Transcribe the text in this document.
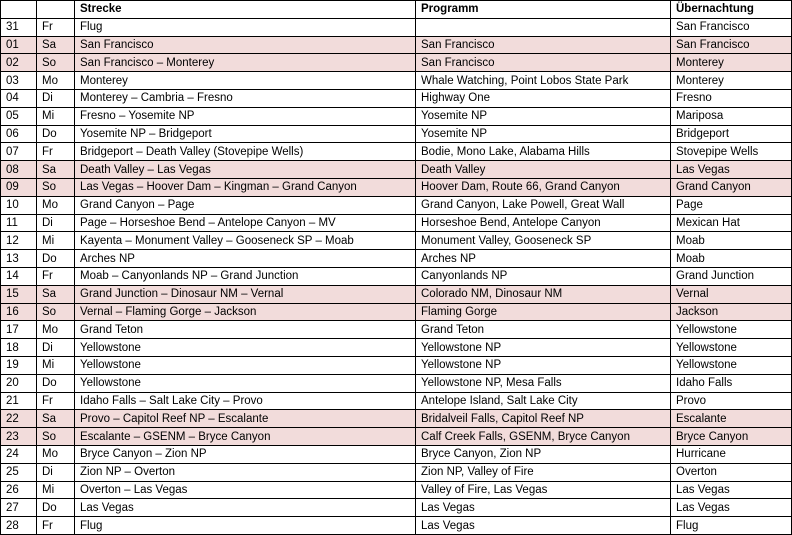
		Strecke	Programm	Übernachtung
31	Fr	Flug		San Francisco
01	Sa	San Francisco	San Francisco	San Francisco
02	So	San Francisco – Monterey	San Francisco	Monterey
03	Mo	Monterey	Whale Watching, Point Lobos State Park	Monterey
04	Di	Monterey – Cambria – Fresno	Highway One	Fresno
05	Mi	Fresno – Yosemite NP	Yosemite NP	Mariposa
06	Do	Yosemite NP – Bridgeport	Yosemite NP	Bridgeport
07	Fr	Bridgeport – Death Valley (Stovepipe Wells)	Bodie, Mono Lake, Alabama Hills	Stovepipe Wells
08	Sa	Death Valley – Las Vegas	Death Valley	Las Vegas
09	So	Las Vegas – Hoover Dam – Kingman – Grand Canyon	Hoover Dam, Route 66, Grand Canyon	Grand Canyon
10	Mo	Grand Canyon – Page	Grand Canyon, Lake Powell, Great Wall	Page
11	Di	Page – Horseshoe Bend – Antelope Canyon – MV	Horseshoe Bend, Antelope Canyon	Mexican Hat
12	Mi	Kayenta – Monument Valley – Gooseneck SP – Moab	Monument Valley, Gooseneck SP	Moab
13	Do	Arches NP	Arches NP	Moab
14	Fr	Moab – Canyonlands NP – Grand Junction	Canyonlands NP	Grand Junction
15	Sa	Grand Junction – Dinosaur NM – Vernal	Colorado NM, Dinosaur NM	Vernal
16	So	Vernal – Flaming Gorge – Jackson	Flaming Gorge	Jackson
17	Mo	Grand Teton	Grand Teton	Yellowstone
18	Di	Yellowstone	Yellowstone NP	Yellowstone
19	Mi	Yellowstone	Yellowstone NP	Yellowstone
20	Do	Yellowstone	Yellowstone NP, Mesa Falls	Idaho Falls
21	Fr	Idaho Falls – Salt Lake City – Provo	Antelope Island, Salt Lake City	Provo
22	Sa	Provo – Capitol Reef NP – Escalante	Bridalveil Falls, Capitol Reef NP	Escalante
23	So	Escalante – GSENM – Bryce Canyon	Calf Creek Falls, GSENM, Bryce Canyon	Bryce Canyon
24	Mo	Bryce Canyon – Zion NP	Bryce Canyon, Zion NP	Hurricane
25	Di	Zion NP – Overton	Zion NP, Valley of Fire	Overton
26	Mi	Overton – Las Vegas	Valley of Fire, Las Vegas	Las Vegas
27	Do	Las Vegas	Las Vegas	Las Vegas
28	Fr	Flug	Las Vegas	Flug
